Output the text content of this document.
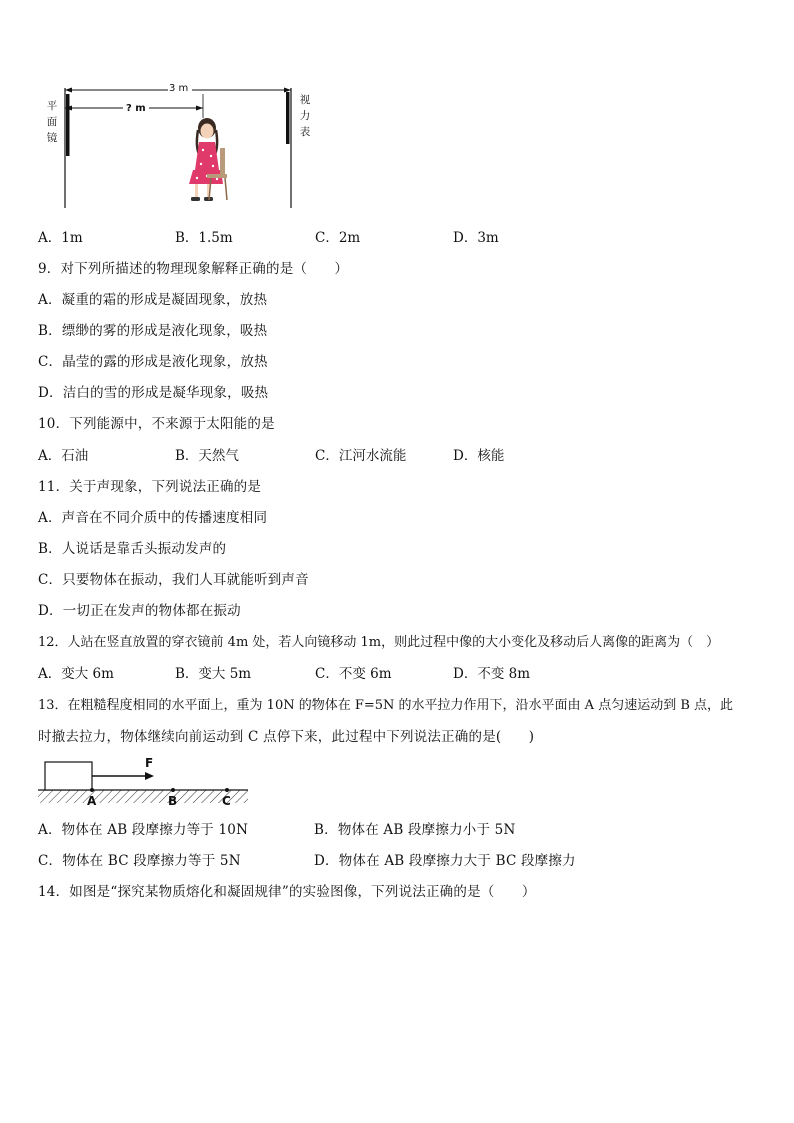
平
面
镜
视
力
表
3 m
? m
A．1m	B．1.5m	C．2m	D．3m
9．对下列所描述的物理现象解释正确的是（　　）
A．凝重的霜的形成是凝固现象，放热
B．缥缈的雾的形成是液化现象，吸热
C．晶莹的露的形成是液化现象，放热
D．洁白的雪的形成是凝华现象，吸热
10．下列能源中，不来源于太阳能的是
A．石油	B．天然气	C．江河水流能	D．核能
11．关于声现象，下列说法正确的是
A．声音在不同介质中的传播速度相同
B．人说话是靠舌头振动发声的
C．只要物体在振动，我们人耳就能听到声音
D．一切正在发声的物体都在振动
12．人站在竖直放置的穿衣镜前 4m 处，若人向镜移动 1m，则此过程中像的大小变化及移动后人离像的距离为（　）
A．变大 6m	B．变大 5m	C．不变 6m	D．不变 8m
13．在粗糙程度相同的水平面上，重为 10N 的物体在 F=5N 的水平拉力作用下，沿水平面由 A 点匀速运动到 B 点，此
时撤去拉力，物体继续向前运动到 C 点停下来，此过程中下列说法正确的是(　　)
F
A	B	C
A．物体在 AB 段摩擦力等于 10N	B．物体在 AB 段摩擦力小于 5N
C．物体在 BC 段摩擦力等于 5N	D．物体在 AB 段摩擦力大于 BC 段摩擦力
14．如图是“探究某物质熔化和凝固规律”的实验图像，下列说法正确的是（　　）
